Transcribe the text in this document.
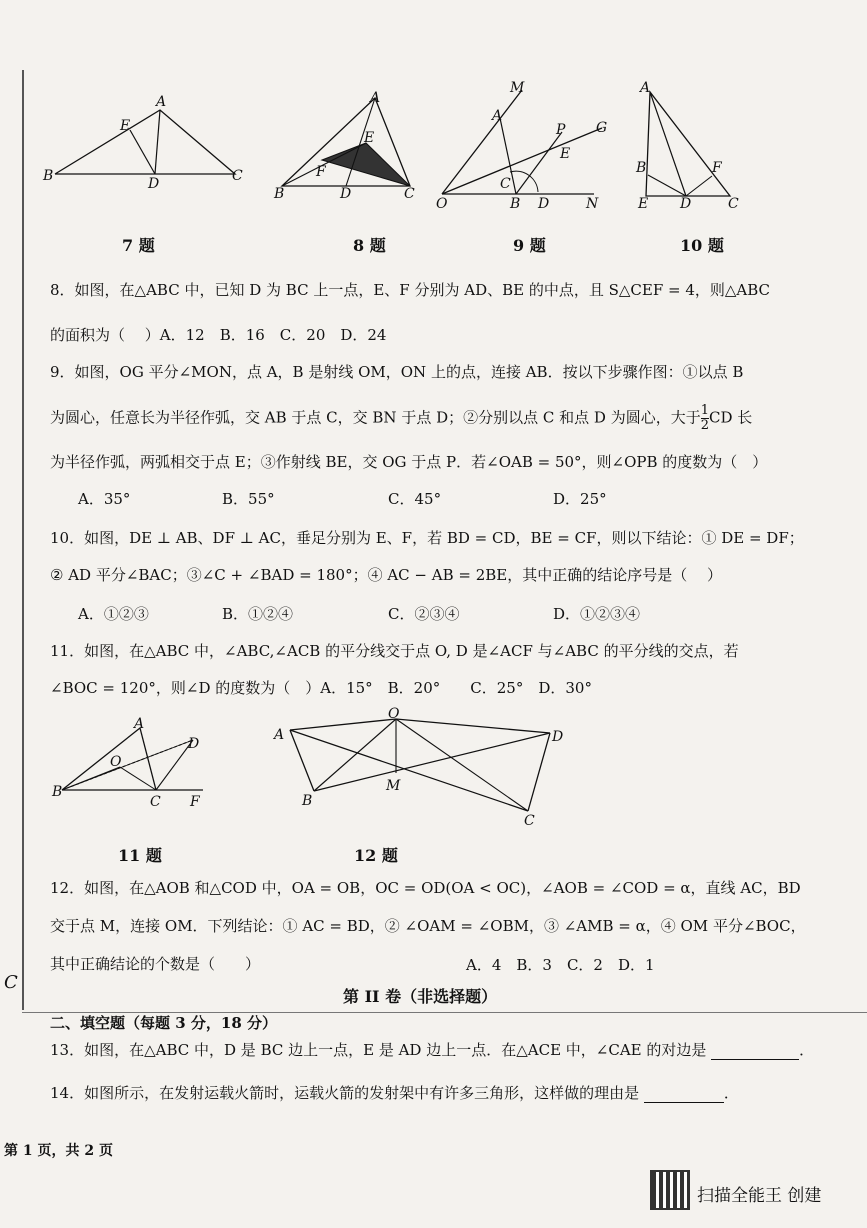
C
A
E
B	D	C
7 题
A
E
F
B	D	C
8 题
M
A
P G
E
C
O	B D	N
9 题
A
B	F
E D	C
10 题
8．如图，在△ABC 中，已知 D 为 BC 上一点，E、F 分别为 AD、BE 的中点，且 S△CEF = 4，则△ABC
的面积为（　 ）A．12　B．16　C．20　D．24
9．如图，OG 平分∠MON，点 A，B 是射线 OM，ON 上的点，连接 AB．按以下步骤作图：①以点 B
为圆心，任意长为半径作弧，交 AB 于点 C，交 BN 于点 D；②分别以点 C 和点 D 为圆心，大于 $\frac{1}{2}$ CD 长
为半径作弧，两弧相交于点 E；③作射线 BE，交 OG 于点 P．若∠OAB = 50°，则∠OPB 的度数为（　）
A．35°	B．55°	C．45°	D．25°
10．如图，DE ⊥ AB、DF ⊥ AC，垂足分别为 E、F，若 BD = CD，BE = CF，则以下结论：① DE = DF；
② AD 平分∠BAC；③∠C + ∠BAD = 180°；④ AC − AB = 2BE，其中正确的结论序号是（　 ）
A．①②③	B．①②④	C．②③④	D．①②③④
11．如图，在△ABC 中，∠ABC,∠ACB 的平分线交于点 O, D 是∠ACF 与∠ABC 的平分线的交点，若
∠BOC = 120°，则∠D 的度数为（　）A．15°　B．20°　　C．25°　D．30°
A
D
O
B
C F
11 题
O
A	D
M
B
C
12 题
12．如图，在△AOB 和△COD 中，OA = OB，OC = OD(OA < OC)，∠AOB = ∠COD = α，直线 AC，BD
交于点 M，连接 OM．下列结论：① AC = BD，② ∠OAM = ∠OBM，③ ∠AMB = α，④ OM 平分∠BOC，
其中正确结论的个数是（　　）	A．4　B．3　C．2　D．1
第 II 卷（非选择题）
二、填空题（每题 3 分，18 分）
13．如图，在△ABC 中，D 是 BC 边上一点，E 是 AD 边上一点．在△ACE 中，∠CAE 的对边是	．
14．如图所示，在发射运载火箭时，运载火箭的发射架中有许多三角形，这样做的理由是	．
第 1 页，共 2 页
扫描全能王 创建
